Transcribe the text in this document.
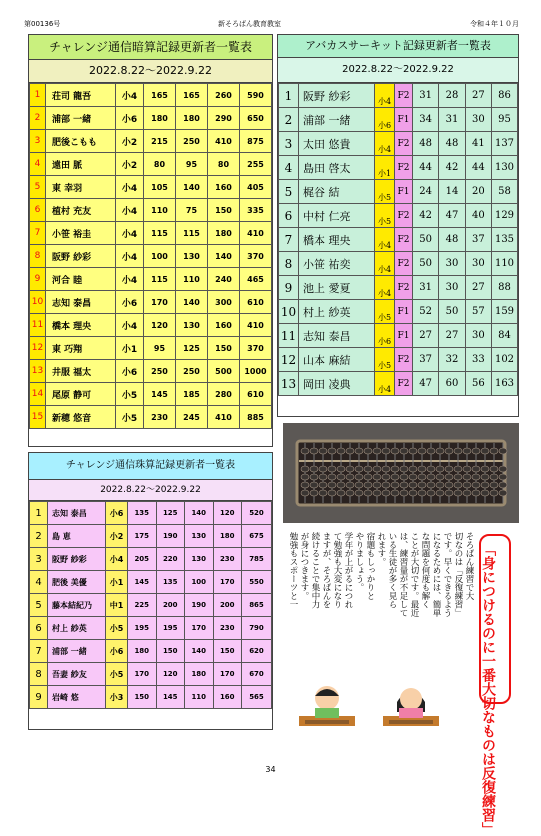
第00136号	新そろばん教育教室	令和４年１０月
チャレンジ通信暗算記録更新者一覧表
2022.8.22～2022.9.22
1	荘司 龍吾	小4	165	165	260	590
2	浦部 一緒	小6	180	180	290	650
3	肥後こもも	小2	215	250	410	875
4	遠田 脈	小2	80	95	80	255
5	東 幸羽	小4	105	140	160	405
6	植村 充友	小4	110	75	150	335
7	小笹 裕圭	小4	115	115	180	410
8	阪野 紗彩	小4	100	130	140	370
9	河合 睦	小4	115	110	240	465
10	志知 泰昌	小6	170	140	300	610
11	橋本 理央	小4	120	130	160	410
12	東 巧翔	小1	95	125	150	370
13	井服 福太	小6	250	250	500	1000
14	尾原 静可	小5	145	185	280	610
15	新穂 悠音	小5	230	245	410	885
アバカスサーキット記録更新者一覧表
2022.8.22～2022.9.22
1	阪野 紗彩	小4	F2	31	28	27	86
2	浦部 一緒	小6	F1	34	31	30	95
3	太田 悠貴	小4	F2	48	48	41	137
4	島田 啓太	小1	F2	44	42	44	130
5	梶谷 結	小5	F1	24	14	20	58
6	中村 仁亮	小5	F2	42	47	40	129
7	橋本 理央	小4	F2	50	48	37	135
8	小笹 祐奕	小4	F2	50	30	30	110
9	池上 愛夏	小4	F2	31	30	27	88
10	村上 紗英	小5	F1	52	50	57	159
11	志知 泰昌	小6	F1	27	27	30	84
12	山本 麻結	小5	F2	37	32	33	102
13	岡田 凌典	小4	F2	47	60	56	163
そろばん練習で大
切なのは「反復練習」
です。早くできるよう
になるためには、簡単
な問題を何度も解く
ことが大切です。最近
は、練習量が不足して
いる生徒が多く見ら
れます。
宿題もしっかりと
やりましょう。
学年が上がるにつれ
て勉強も大変になり
ますが、そろばんを
続けることで集中力
が身につきます。
勉強もスポーツと一	「身につけるのに一番大切なものは反復練習」
チャレンジ通信珠算記録更新者一覧表
2022.8.22～2022.9.22
1	志知 泰昌	小6	135	125	140	120	520
2	島 恵	小2	175	190	130	180	675
3	阪野 紗彩	小4	205	220	130	230	785
4	肥後 美優	小1	145	135	100	170	550
5	藤本結紀乃	中1	225	200	190	200	865
6	村上 紗英	小5	195	195	170	230	790
7	浦部 一緒	小6	180	150	140	150	620
8	吾妻 紗友	小5	170	120	180	170	670
9	岩崎 悠	小3	150	145	110	160	565
34
